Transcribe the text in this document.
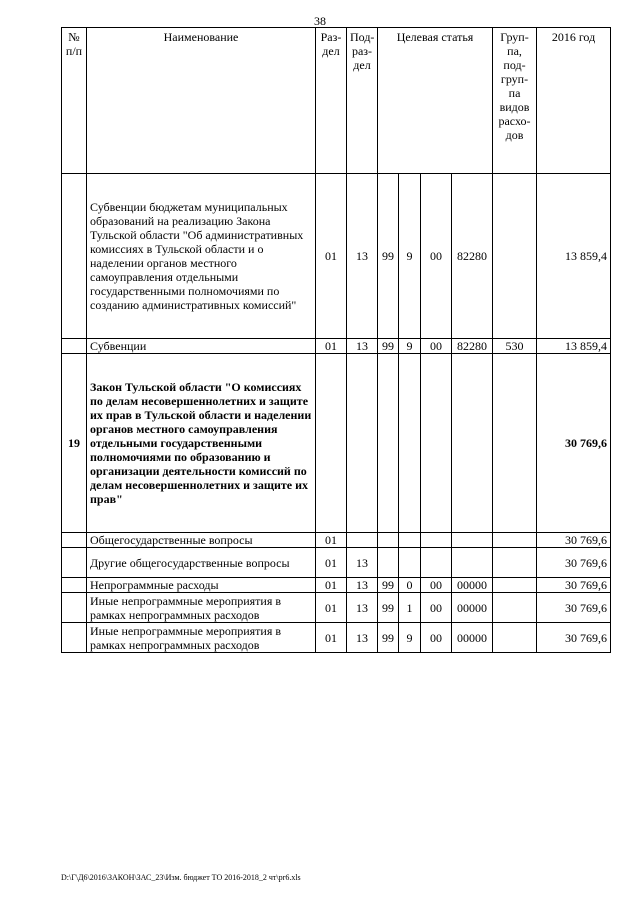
38
№ п/п	Наименование	Раз- дел	Под- раз- дел	Целевая статья				Груп- па, под- груп- па видов расхо- дов	2016 год
	Субвенции бюджетам муниципальных образований на реализацию Закона Тульской области "Об административных комиссиях в Тульской области и о наделении органов местного самоуправления отдельными государственными полномочиями по созданию административных комиссий"	01	13	99	9	00	82280		13 859,4
	Субвенции	01	13	99	9	00	82280	530	13 859,4
19	Закон Тульской области "О комиссиях по делам несовершеннолетних и защите их прав в Тульской области и наделении органов местного самоуправления отдельными государственными полномочиями по образованию и организации деятельности комиссий по делам несовершеннолетних и защите их прав"								30 769,6
	Общегосударственные вопросы	01							30 769,6
	Другие общегосударственные вопросы	01	13						30 769,6
	Непрограммные расходы	01	13	99	0	00	00000		30 769,6
	Иные непрограммные мероприятия в рамках непрограммных расходов	01	13	99	1	00	00000		30 769,6
	Иные непрограммные мероприятия в рамках непрограммных расходов	01	13	99	9	00	00000		30 769,6
D:\Г\Д6\2016\ЗАКОН\ЗАС_23\Изм. бюджет ТО 2016-2018_2 чт\pr6.xls
